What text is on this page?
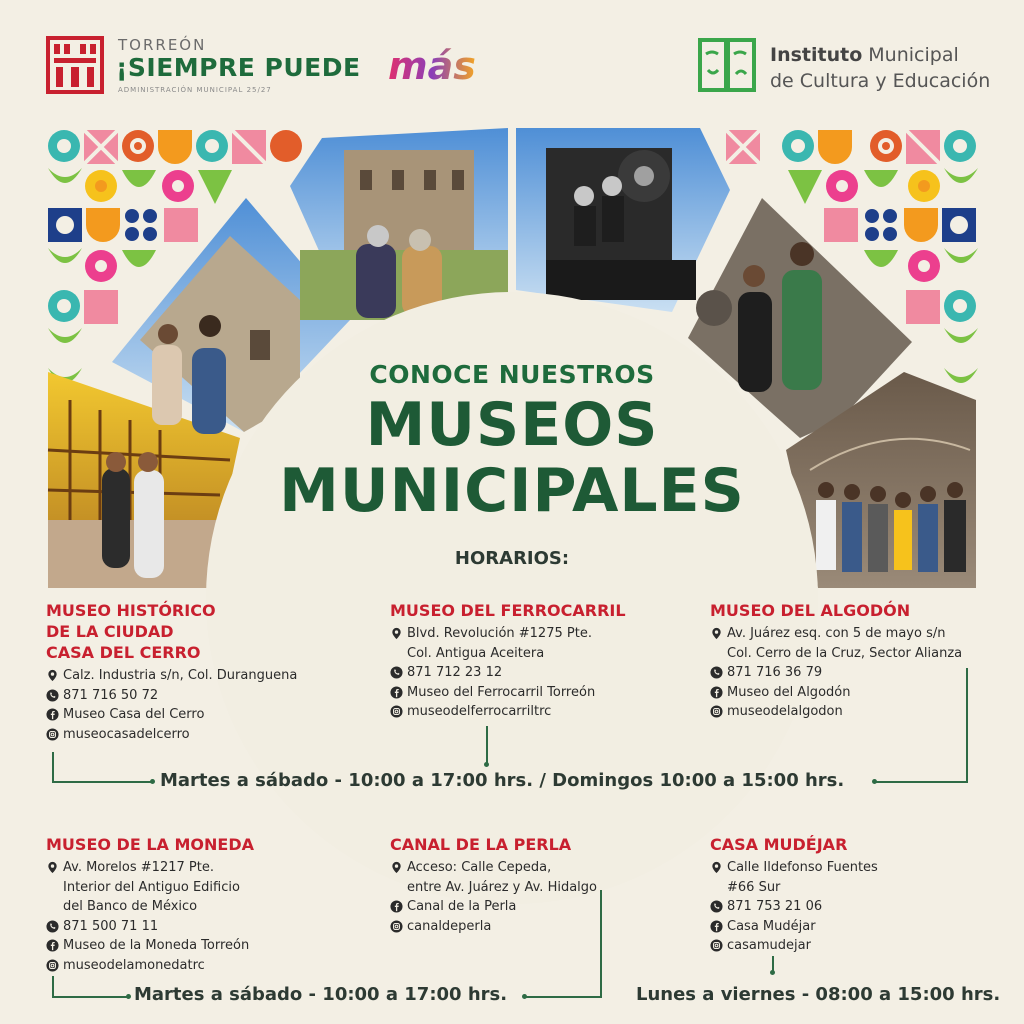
TORREÓN
¡SIEMPRE PUEDE más
ADMINISTRACIÓN MUNICIPAL 25/27
Instituto Municipal
de Cultura y Educación
CONOCE NUESTROS
MUSEOS
MUNICIPALES
HORARIOS:
MUSEO HISTÓRICO
DE LA CIUDAD
CASA DEL CERRO
Calz. Industria s/n, Col. Duranguena
871 716 50 72
Museo Casa del Cerro
museocasadelcerro
MUSEO DEL FERROCARRIL
Blvd. Revolución #1275 Pte.
Col. Antigua Aceitera
871 712 23 12
Museo del Ferrocarril Torreón
museodelferrocarriltrc
MUSEO DEL ALGODÓN
Av. Juárez esq. con 5 de mayo s/n
Col. Cerro de la Cruz, Sector Alianza
871 716 36 79
Museo del Algodón
museodelalgodon
Martes a sábado - 10:00 a 17:00 hrs. / Domingos 10:00 a 15:00 hrs.
MUSEO DE LA MONEDA
Av. Morelos #1217 Pte.
Interior del Antiguo Edificio
del Banco de México
871 500 71 11
Museo de la Moneda Torreón
museodelamonedatrc
CANAL DE LA PERLA
Acceso: Calle Cepeda,
entre Av. Juárez y Av. Hidalgo
Canal de la Perla
canaldeperla
CASA MUDÉJAR
Calle Ildefonso Fuentes
#66 Sur
871 753 21 06
Casa Mudéjar
casamudejar
Martes a sábado - 10:00 a 17:00 hrs.	Lunes a viernes - 08:00 a 15:00 hrs.
